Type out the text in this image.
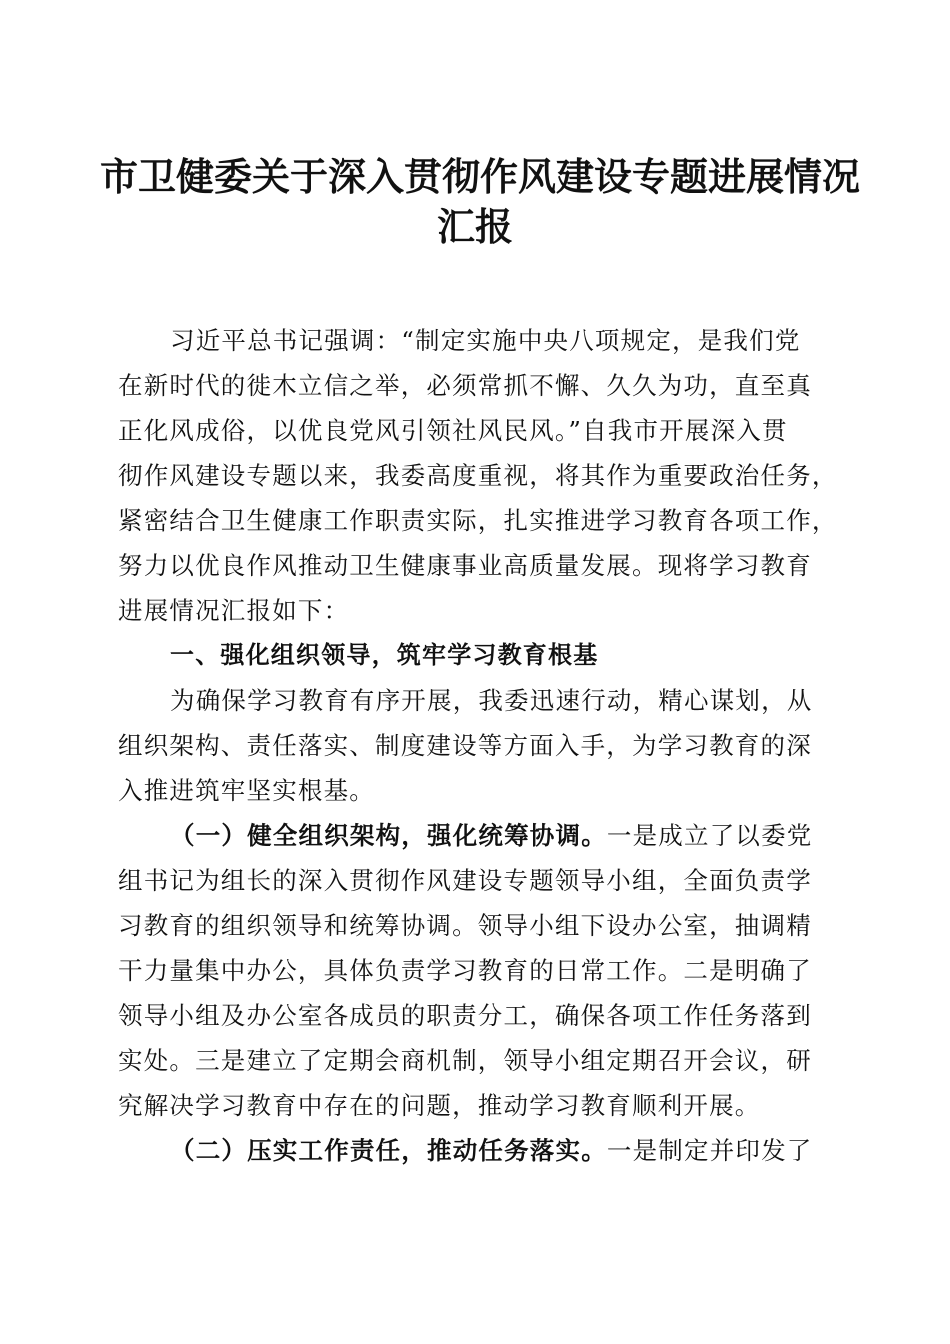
市卫健委关于深入贯彻作风建设专题进展情况
汇报
习近平总书记强调：“制定实施中央八项规定，是我们党
在新时代的徙木立信之举，必须常抓不懈、久久为功，直至真
正化风成俗，以优良党风引领社风民风。”自我市开展深入贯
彻作风建设专题以来，我委高度重视，将其作为重要政治任务，
紧密结合卫生健康工作职责实际，扎实推进学习教育各项工作，
努力以优良作风推动卫生健康事业高质量发展。现将学习教育
进展情况汇报如下：
一、强化组织领导，筑牢学习教育根基
为确保学习教育有序开展，我委迅速行动，精心谋划，从
组织架构、责任落实、制度建设等方面入手，为学习教育的深
入推进筑牢坚实根基。
（一）健全组织架构，强化统筹协调。一是成立了以委党
组书记为组长的深入贯彻作风建设专题领导小组，全面负责学
习教育的组织领导和统筹协调。领导小组下设办公室，抽调精
干力量集中办公，具体负责学习教育的日常工作。二是明确了
领导小组及办公室各成员的职责分工，确保各项工作任务落到
实处。三是建立了定期会商机制，领导小组定期召开会议，研
究解决学习教育中存在的问题，推动学习教育顺利开展。
（二）压实工作责任，推动任务落实。一是制定并印发了
